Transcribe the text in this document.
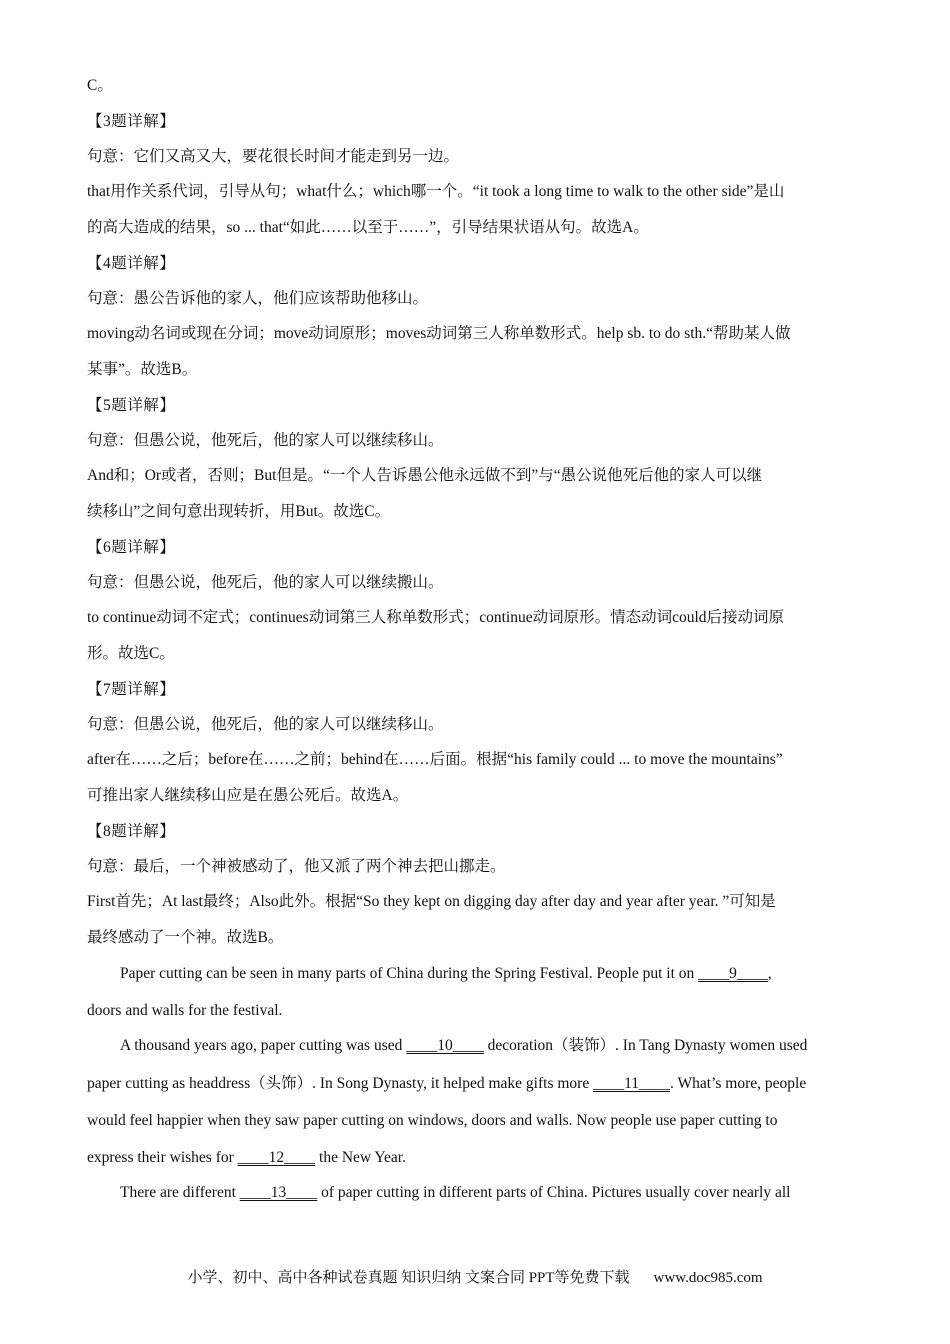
C。
【3题详解】
句意：它们又高又大，要花很长时间才能走到另一边。
that用作关系代词，引导从句；what什么；which哪一个。“it took a long time to walk to the other side”是山
的高大造成的结果，so ... that“如此……以至于……”，引导结果状语从句。故选A。
【4题详解】
句意：愚公告诉他的家人，他们应该帮助他移山。
moving动名词或现在分词；move动词原形；moves动词第三人称单数形式。help sb. to do sth.“帮助某人做
某事”。故选B。
【5题详解】
句意：但愚公说，他死后，他的家人可以继续移山。
And和；Or或者，否则；But但是。“一个人告诉愚公他永远做不到”与“愚公说他死后他的家人可以继
续移山”之间句意出现转折，用But。故选C。
【6题详解】
句意：但愚公说，他死后，他的家人可以继续搬山。
to continue动词不定式；continues动词第三人称单数形式；continue动词原形。情态动词could后接动词原
形。故选C。
【7题详解】
句意：但愚公说，他死后，他的家人可以继续移山。
after在……之后；before在……之前；behind在……后面。根据“his family could ... to move the mountains”
可推出家人继续移山应是在愚公死后。故选A。
【8题详解】
句意：最后，一个神被感动了，他又派了两个神去把山挪走。
First首先；At last最终；Also此外。根据“So they kept on digging day after day and year after year. ”可知是
最终感动了一个神。故选B。
Paper cutting can be seen in many parts of China during the Spring Festival. People put it on ____9____,
doors and walls for the festival.
A thousand years ago, paper cutting was used ____10____ decoration（装饰）. In Tang Dynasty women used
paper cutting as headdress（头饰）. In Song Dynasty, it helped make gifts more ____11____. What’s more, people
would feel happier when they saw paper cutting on windows, doors and walls. Now people use paper cutting to
express their wishes for ____12____ the New Year.
There are different ____13____ of paper cutting in different parts of China. Pictures usually cover nearly all
小学、初中、高中各种试卷真题 知识归纳 文案合同 PPT等免费下载 www.doc985.com
